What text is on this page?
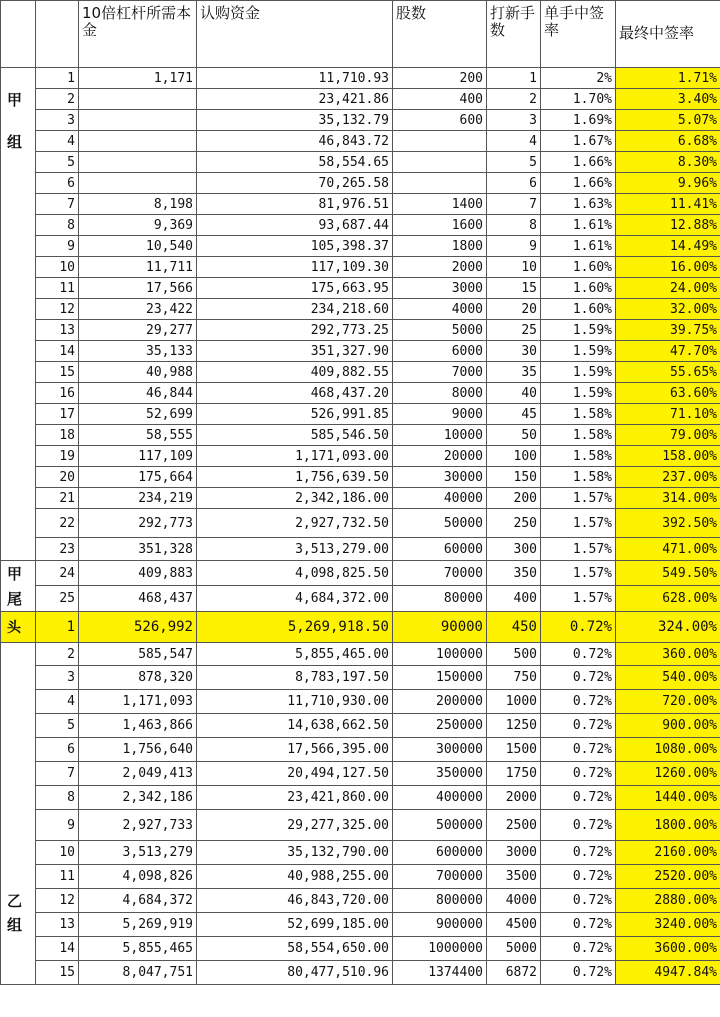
		10倍杠杆所需本金	认购资金	股数	打新手数	单手中签率	最终中签率
	1	1,171	11,710.93	200	1	2%	1.71%
甲	2		23,421.86	400	2	1.70%	3.40%
	3		35,132.79	600	3	1.69%	5.07%
组	4		46,843.72		4	1.67%	6.68%
	5		58,554.65		5	1.66%	8.30%
	6		70,265.58		6	1.66%	9.96%
	7	8,198	81,976.51	1400	7	1.63%	11.41%
	8	9,369	93,687.44	1600	8	1.61%	12.88%
	9	10,540	105,398.37	1800	9	1.61%	14.49%
	10	11,711	117,109.30	2000	10	1.60%	16.00%
	11	17,566	175,663.95	3000	15	1.60%	24.00%
	12	23,422	234,218.60	4000	20	1.60%	32.00%
	13	29,277	292,773.25	5000	25	1.59%	39.75%
	14	35,133	351,327.90	6000	30	1.59%	47.70%
	15	40,988	409,882.55	7000	35	1.59%	55.65%
	16	46,844	468,437.20	8000	40	1.59%	63.60%
	17	52,699	526,991.85	9000	45	1.58%	71.10%
	18	58,555	585,546.50	10000	50	1.58%	79.00%
	19	117,109	1,171,093.00	20000	100	1.58%	158.00%
	20	175,664	1,756,639.50	30000	150	1.58%	237.00%
	21	234,219	2,342,186.00	40000	200	1.57%	314.00%
	22	292,773	2,927,732.50	50000	250	1.57%	392.50%
	23	351,328	3,513,279.00	60000	300	1.57%	471.00%
甲	24	409,883	4,098,825.50	70000	350	1.57%	549.50%
尾	25	468,437	4,684,372.00	80000	400	1.57%	628.00%
头	1	526,992	5,269,918.50	90000	450	0.72%	324.00%
	2	585,547	5,855,465.00	100000	500	0.72%	360.00%
	3	878,320	8,783,197.50	150000	750	0.72%	540.00%
	4	1,171,093	11,710,930.00	200000	1000	0.72%	720.00%
	5	1,463,866	14,638,662.50	250000	1250	0.72%	900.00%
	6	1,756,640	17,566,395.00	300000	1500	0.72%	1080.00%
	7	2,049,413	20,494,127.50	350000	1750	0.72%	1260.00%
	8	2,342,186	23,421,860.00	400000	2000	0.72%	1440.00%
	9	2,927,733	29,277,325.00	500000	2500	0.72%	1800.00%
	10	3,513,279	35,132,790.00	600000	3000	0.72%	2160.00%
	11	4,098,826	40,988,255.00	700000	3500	0.72%	2520.00%
乙	12	4,684,372	46,843,720.00	800000	4000	0.72%	2880.00%
组	13	5,269,919	52,699,185.00	900000	4500	0.72%	3240.00%
	14	5,855,465	58,554,650.00	1000000	5000	0.72%	3600.00%
	15	8,047,751	80,477,510.96	1374400	6872	0.72%	4947.84%
